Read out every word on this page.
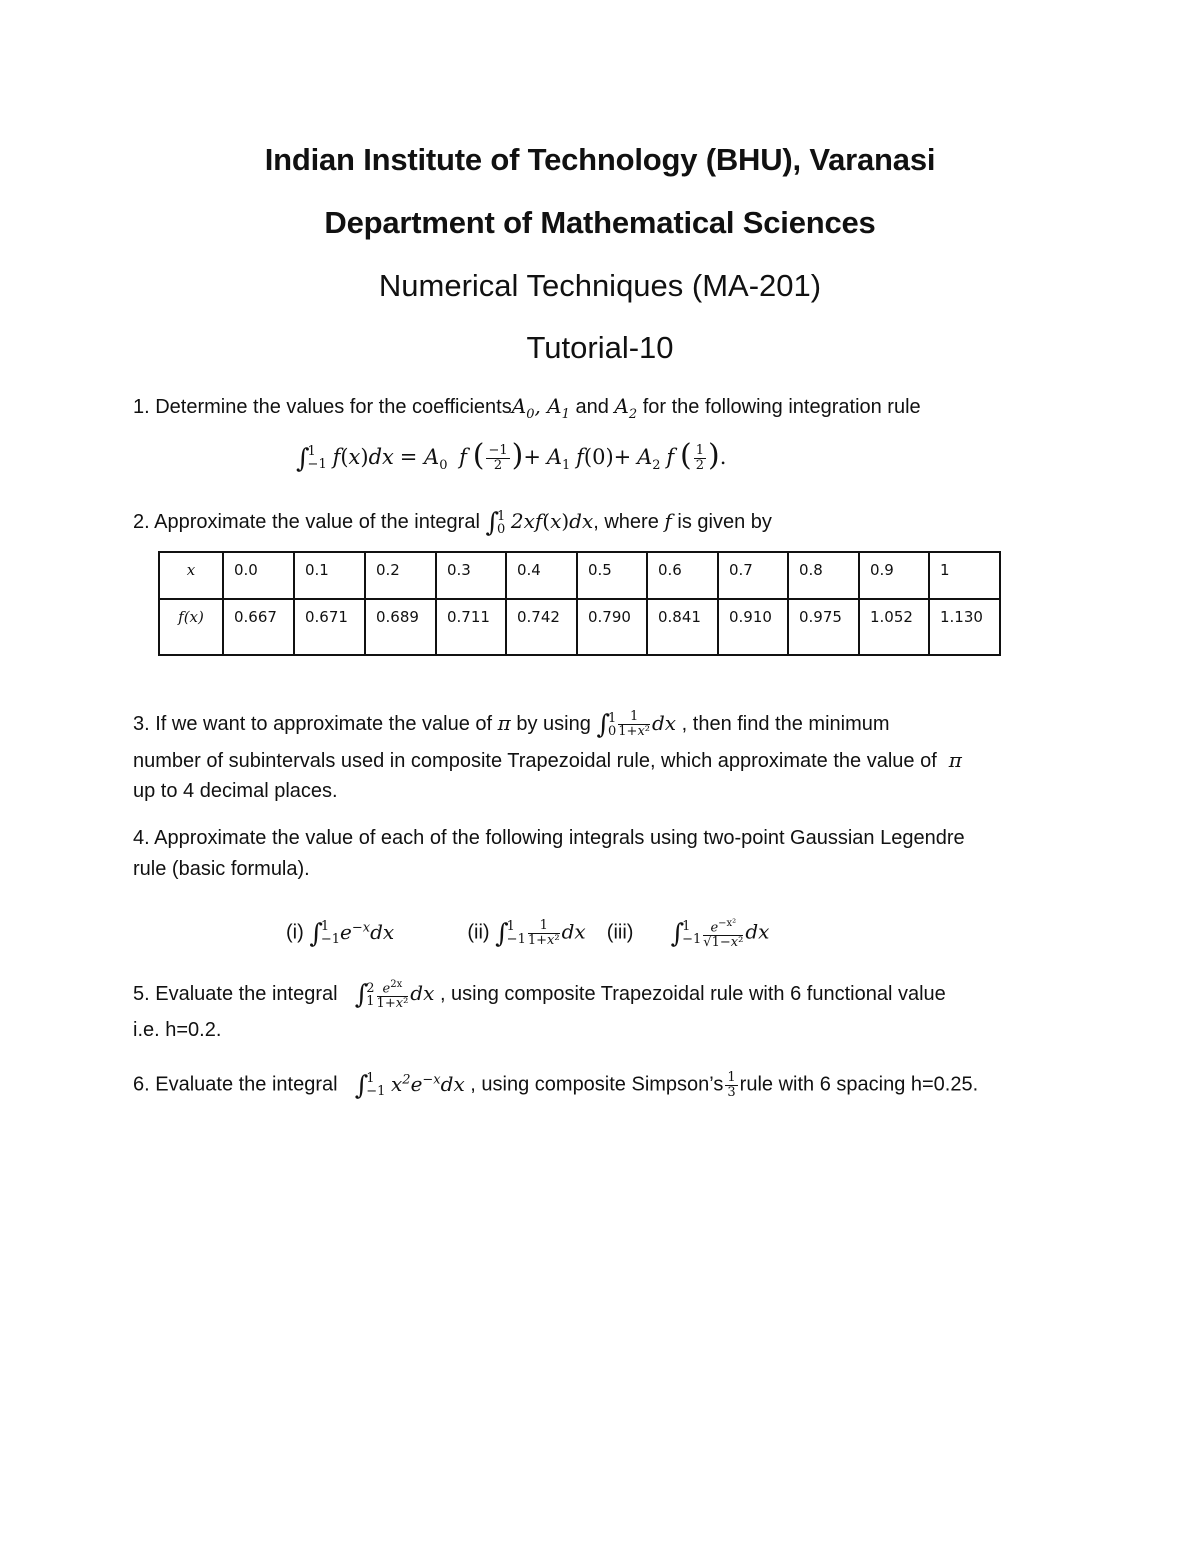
Indian Institute of Technology (BHU), Varanasi
Department of Mathematical Sciences
Numerical Techniques (MA-201)
Tutorial-10
1. Determine the values for the coefficientsA$_0$, $A_1$ and $A_2$ for the following integration rule
∫
1
−1 $f(x)dx = A_0$ f ( $\frac{-1}{2}$ )+ $A_1$ $f(0)+ A_2$ f ( $\frac{1}{2}$ ).
2. Approximate the value of the integral ∫
1
0 2xf(x)dx, where f is given by
x	0.0	0.1	0.2	0.3	0.4	0.5	0.6	0.7	0.8	0.9	1
f(x)	0.667	0.671	0.689	0.711	0.742	0.790	0.841	0.910	0.975	1.052	1.130
3. If we want to approximate the value of π by using ∫
1
$0 \frac{1}{\text{1+x²}}$ dx , then find the minimum
number of subintervals used in composite Trapezoidal rule, which approximate the value of  π
up to 4 decimal places.
4. Approximate the value of each of the following integrals using two-point Gaussian Legendre
rule (basic formula).
(i) ∫
1
−1 $e^{-x}dx$	(ii) ∫
1
$-1 \frac{1}{\text{1+x²}}$ dx (iii) ∫
1
$-1 \frac{e^{-x^2}}{\text{√1−x²}}$ dx
5. Evaluate the integral ∫
2
$1 \frac{e^{2x}}{\text{1+x²}}$ dx , using composite Trapezoidal rule with 6 functional value
i.e. h=0.2.
6. Evaluate the integral ∫
1
−1 $x^2e^{-x}dx$ , using composite Simpson’s $\frac{1}{3}$ rule with 6 spacing h=0.25.
